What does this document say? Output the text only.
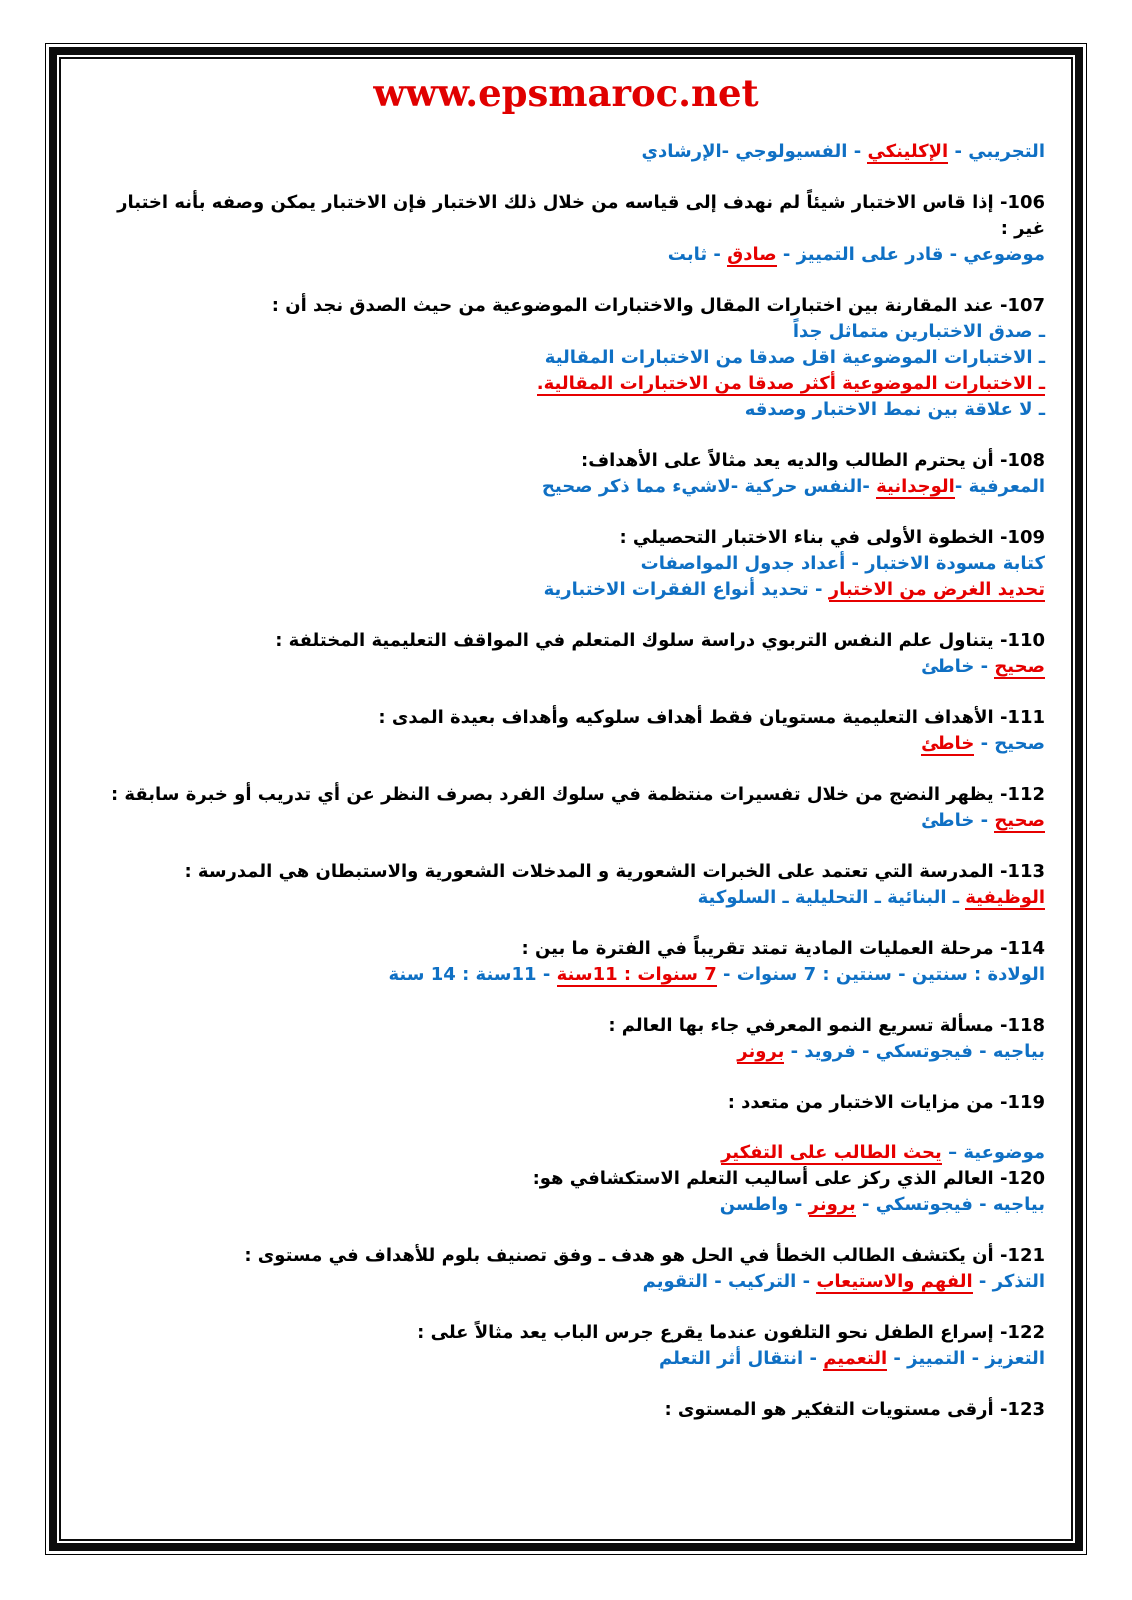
www.epsmaroc.net
التجريبي - الإكلينكي - الفسيولوجي -الإرشادي
106- إذا قاس الاختبار شيئاً لم نهدف إلى قياسه من خلال ذلك الاختبار فإن الاختبار يمكن وصفه بأنه اختبار غير :
موضوعي - قادر على التمييز - صادق - ثابت
107- عند المقارنة بين اختبارات المقال والاختبارات الموضوعية من حيث الصدق نجد أن :
ـ صدق الاختبارين متماثل جداً
ـ الاختبارات الموضوعية اقل صدقا من الاختبارات المقالية
ـ الاختبارات الموضوعية أكثر صدقا من الاختبارات المقالية.
ـ لا علاقة بين نمط الاختبار وصدقه
108- أن يحترم الطالب والديه يعد مثالاً على الأهداف:
المعرفية -الوجدانية -النفس حركية -لاشيء مما ذكر صحيح
109- الخطوة الأولى في بناء الاختبار التحصيلي :
كتابة مسودة الاختبار - أعداد جدول المواصفات
تحديد الغرض من الاختبار - تحديد أنواع الفقرات الاختبارية
110- يتناول علم النفس التربوي دراسة سلوك المتعلم في المواقف التعليمية المختلفة :
صحيح - خاطئ
111- الأهداف التعليمية مستويان فقط أهداف سلوكيه وأهداف بعيدة المدى :
صحيح - خاطئ
112- يظهر النضج من خلال تفسيرات منتظمة في سلوك الفرد بصرف النظر عن أي تدريب أو خبرة سابقة :
صحيح - خاطئ
113- المدرسة التي تعتمد على الخبرات الشعورية و المدخلات الشعورية والاستبطان هي المدرسة :
الوظيفية ـ البنائية ـ التحليلية ـ السلوكية
114- مرحلة العمليات المادية تمتد تقريباً في الفترة ما بين :
الولادة : سنتين - سنتين : 7 سنوات - 7 سنوات : 11سنة - 11سنة : 14 سنة
118- مسألة تسريع النمو المعرفي جاء بها العالم :
بياجيه - فيجوتسكي - فرويد - برونر
119- من مزايات الاختبار من متعدد :
موضوعية – يحث الطالب على التفكير
120- العالم الذي ركز على أساليب التعلم الاستكشافي هو:
بياجيه - فيجوتسكي - برونر - واطسن
121- أن يكتشف الطالب الخطأ في الحل هو هدف ـ وفق تصنيف بلوم للأهداف في مستوى :
التذكر - الفهم والاستيعاب - التركيب - التقويم
122- إسراع الطفل نحو التلفون عندما يقرع جرس الباب يعد مثالاً على :
التعزيز - التمييز - التعميم - انتقال أثر التعلم
123- أرقى مستويات التفكير هو المستوى :
